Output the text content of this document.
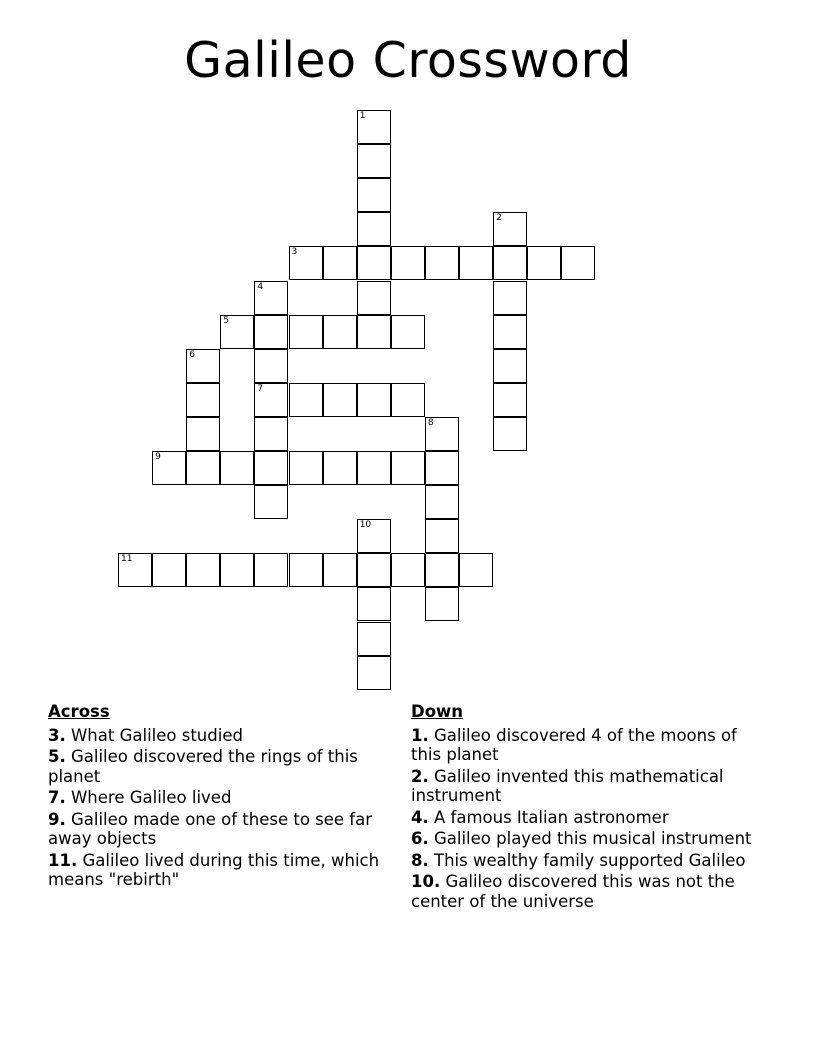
Galileo Crossword
1
2
3
4
7
5
6
8
9
10
11
Across
3. What Galileo studied
5. Galileo discovered the rings of this planet
7. Where Galileo lived
9. Galileo made one of these to see far away objects
11. Galileo lived during this time, which means "rebirth"
Down
1. Galileo discovered 4 of the moons of this planet
2. Galileo invented this mathematical instrument
4. A famous Italian astronomer
6. Galileo played this musical instrument
8. This wealthy family supported Galileo
10. Galileo discovered this was not the center of the universe
